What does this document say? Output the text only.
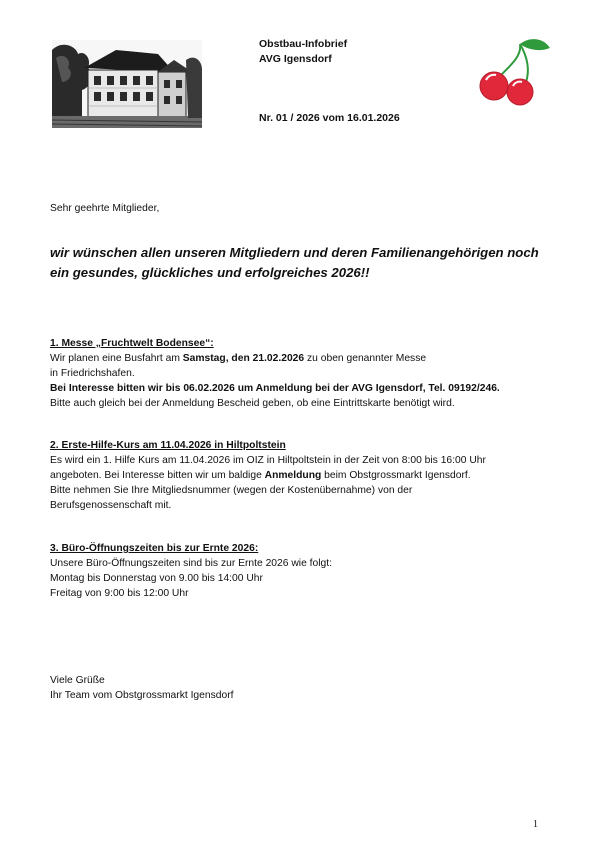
Obstbau-Infobrief
AVG Igensdorf
Nr. 01 / 2026 vom 16.01.2026
Sehr geehrte Mitglieder,
wir wünschen allen unseren Mitgliedern und deren Familienangehörigen noch
ein gesundes, glückliches und erfolgreiches 2026!!
1. Messe „Fruchtwelt Bodensee“:
Wir planen eine Busfahrt am Samstag, den 21.02.2026 zu oben genannter Messe
in Friedrichshafen.
Bei Interesse bitten wir bis 06.02.2026 um Anmeldung bei der AVG Igensdorf, Tel. 09192/246.
Bitte auch gleich bei der Anmeldung Bescheid geben, ob eine Eintrittskarte benötigt wird.
2. Erste-Hilfe-Kurs am 11.04.2026 in Hiltpoltstein
Es wird ein 1. Hilfe Kurs am 11.04.2026 im OIZ in Hiltpoltstein in der Zeit von 8:00 bis 16:00 Uhr
angeboten. Bei Interesse bitten wir um baldige Anmeldung beim Obstgrossmarkt Igensdorf.
Bitte nehmen Sie Ihre Mitgliedsnummer (wegen der Kostenübernahme) von der
Berufsgenossenschaft mit.
3. Büro-Öffnungszeiten bis zur Ernte 2026:
Unsere Büro-Öffnungszeiten sind bis zur Ernte 2026 wie folgt:
Montag bis Donnerstag von 9.00 bis 14:00 Uhr
Freitag von 9:00 bis 12:00 Uhr
Viele Grüße
Ihr Team vom Obstgrossmarkt Igensdorf
1
